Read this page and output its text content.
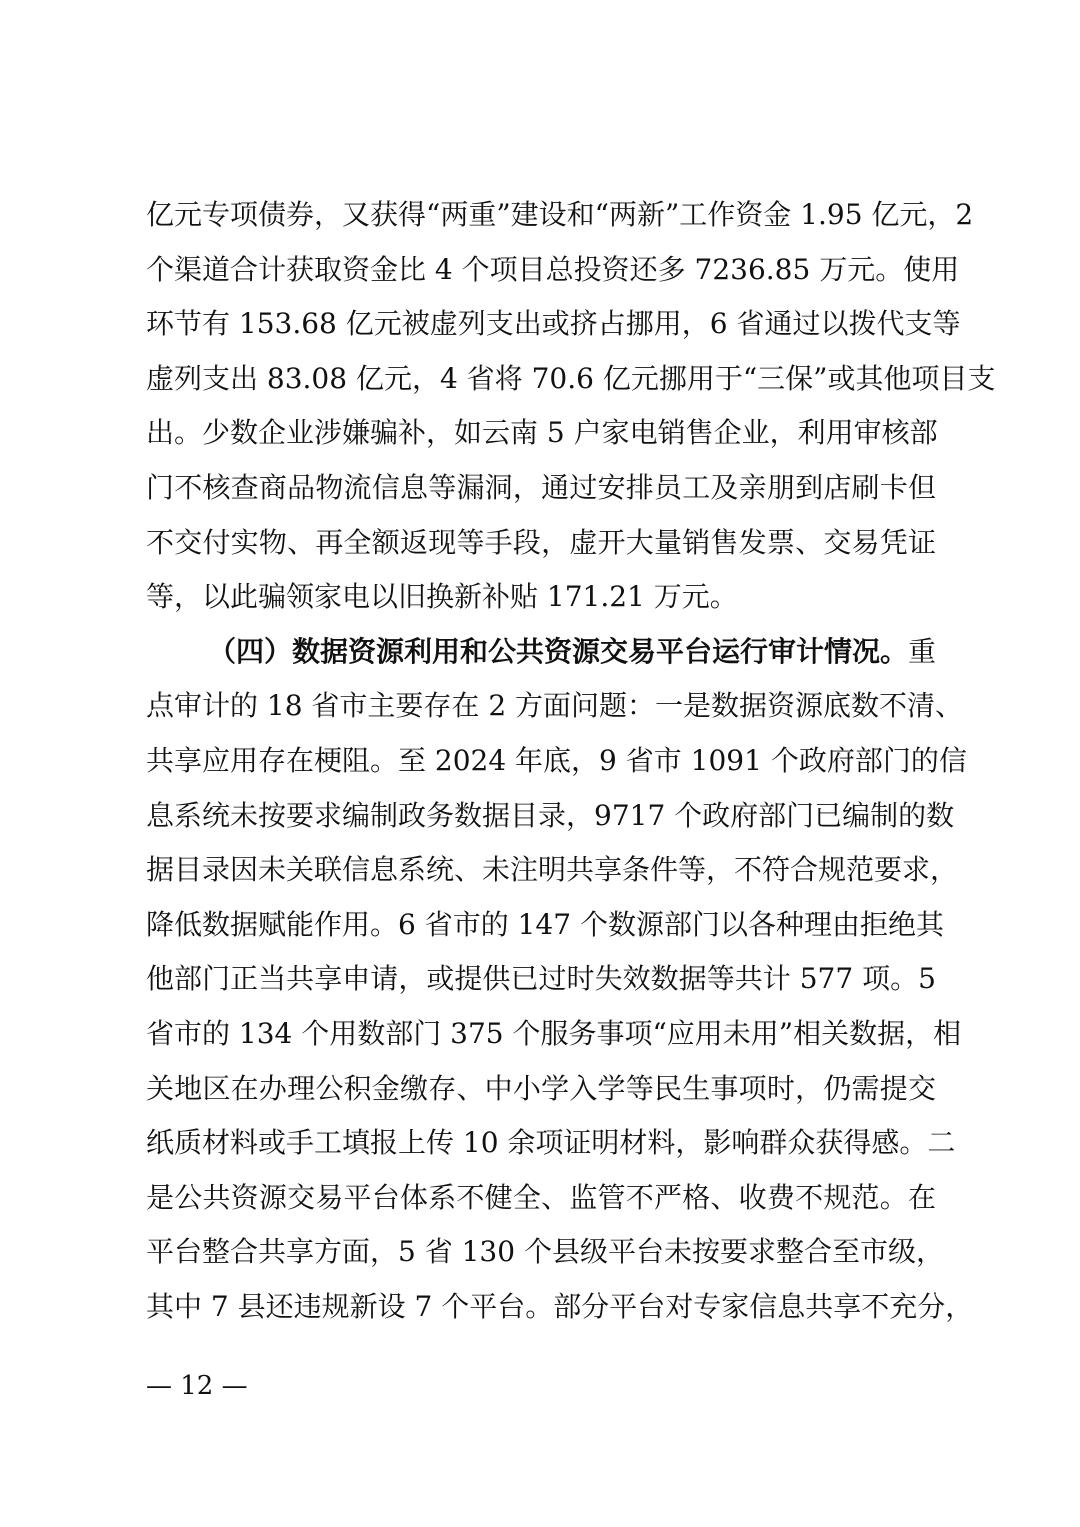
亿元专项债券，又获得“两重”建设和“两新”工作资金 1.95 亿元，2
个渠道合计获取资金比 4 个项目总投资还多 7236.85 万元。使用
环节有 153.68 亿元被虚列支出或挤占挪用，6 省通过以拨代支等
虚列支出 83.08 亿元，4 省将 70.6 亿元挪用于“三保”或其他项目支
出。少数企业涉嫌骗补，如云南 5 户家电销售企业，利用审核部
门不核查商品物流信息等漏洞，通过安排员工及亲朋到店刷卡但
不交付实物、再全额返现等手段，虚开大量销售发票、交易凭证
等，以此骗领家电以旧换新补贴 171.21 万元。
（四）数据资源利用和公共资源交易平台运行审计情况。重
点审计的 18 省市主要存在 2 方面问题：一是数据资源底数不清、
共享应用存在梗阻。至 2024 年底，9 省市 1091 个政府部门的信
息系统未按要求编制政务数据目录，9717 个政府部门已编制的数
据目录因未关联信息系统、未注明共享条件等，不符合规范要求，
降低数据赋能作用。6 省市的 147 个数源部门以各种理由拒绝其
他部门正当共享申请，或提供已过时失效数据等共计 577 项。5
省市的 134 个用数部门 375 个服务事项“应用未用”相关数据，相
关地区在办理公积金缴存、中小学入学等民生事项时，仍需提交
纸质材料或手工填报上传 10 余项证明材料，影响群众获得感。二
是公共资源交易平台体系不健全、监管不严格、收费不规范。在
平台整合共享方面，5 省 130 个县级平台未按要求整合至市级，
其中 7 县还违规新设 7 个平台。部分平台对专家信息共享不充分，
— 12 —
